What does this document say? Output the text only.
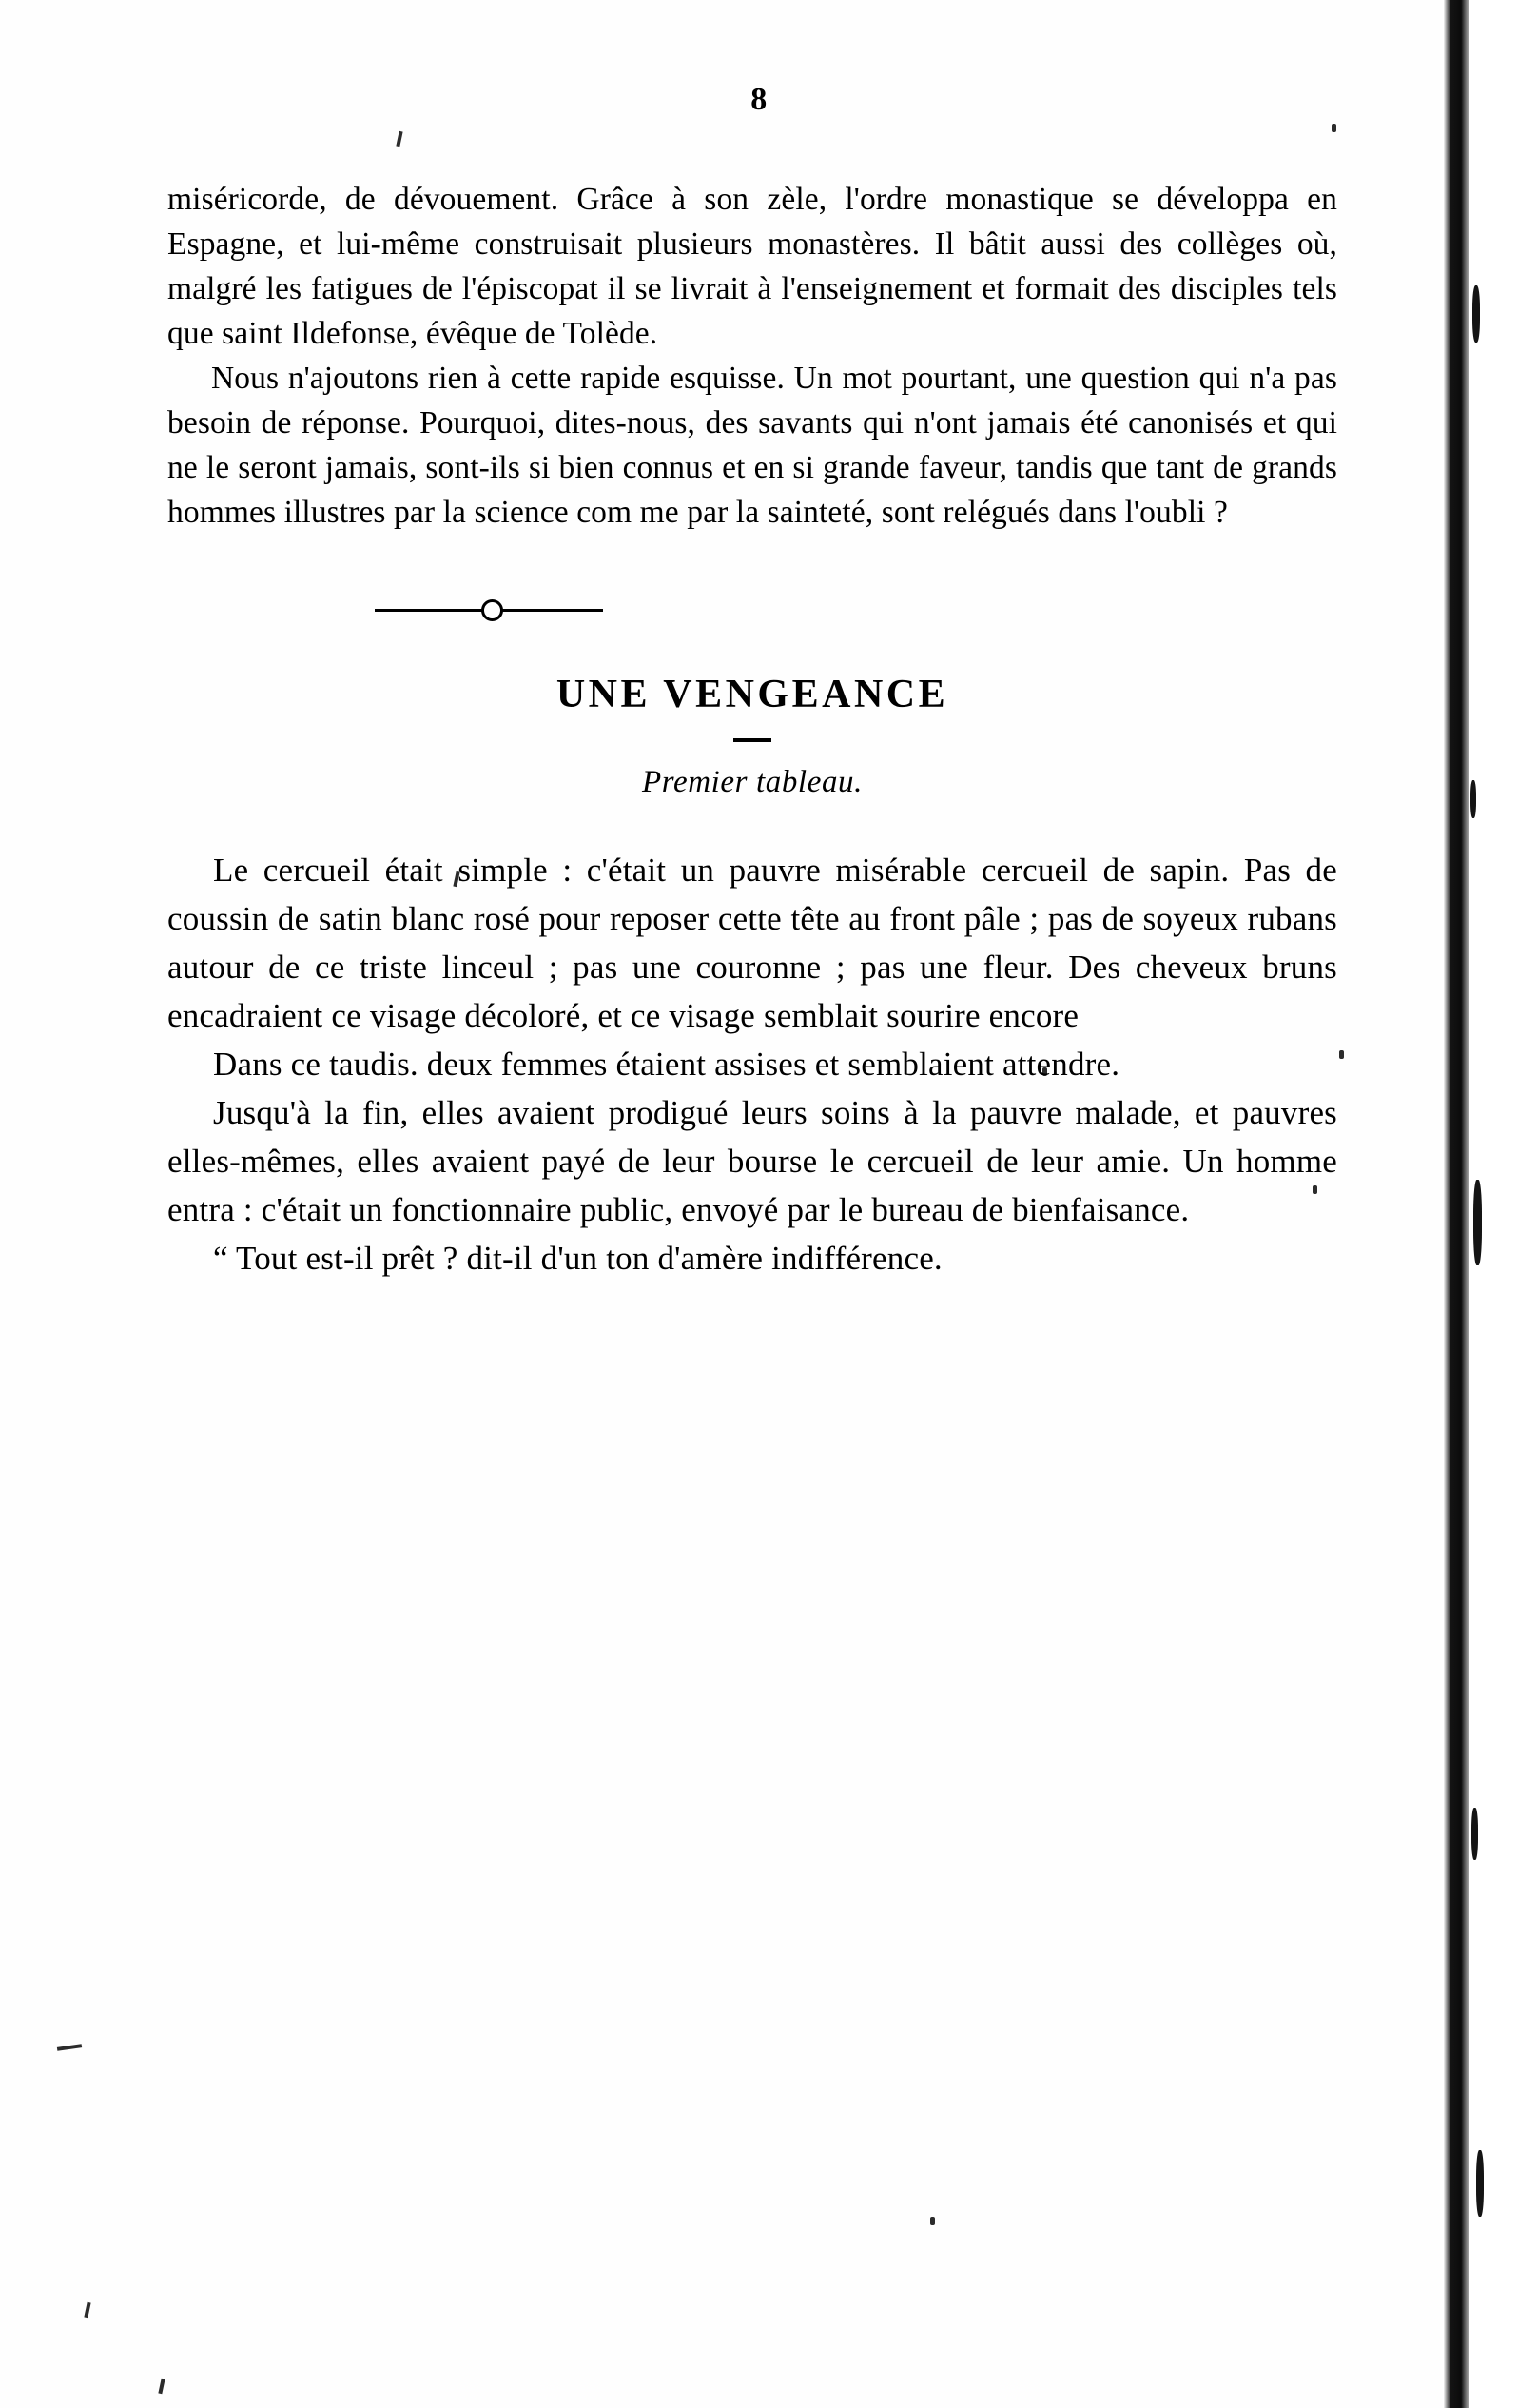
8

miséricorde, de dévouement. Grâce à son zèle, l'ordre monastique se développa en Espagne, et lui-même construisait plusieurs monastères. Il bâtit aussi des collèges où, malgré les fatigues de l'épiscopat il se livrait à l'enseignement et formait des disciples tels que saint Ildefonse, évêque de Tolède.

Nous n'ajoutons rien à cette rapide esquisse. Un mot pourtant, une question qui n'a pas besoin de réponse. Pourquoi, dites-nous, des savants qui n'ont jamais été canonisés et qui ne le seront jamais, sont-ils si bien connus et en si grande faveur, tandis que tant de grands hommes illustres par la science com me par la sainteté, sont relégués dans l'oubli ?

UNE VENGEANCE
Premier tableau.

Le cercueil était simple : c'était un pauvre misérable cercueil de sapin. Pas de coussin de satin blanc rosé pour reposer cette tête au front pâle ; pas de soyeux rubans autour de ce triste linceul ; pas une couronne ; pas une fleur. Des cheveux bruns encadraient ce visage décoloré, et ce visage semblait sourire encore

Dans ce taudis. deux femmes étaient assises et semblaient attendre.

Jusqu'à la fin, elles avaient prodigué leurs soins à la pauvre malade, et pauvres elles-mêmes, elles avaient payé de leur bourse le cercueil de leur amie. Un homme entra : c'était un fonctionnaire public, envoyé par le bureau de bienfaisance.

“ Tout est-il prêt ? dit-il d'un ton d'amère indifférence.
